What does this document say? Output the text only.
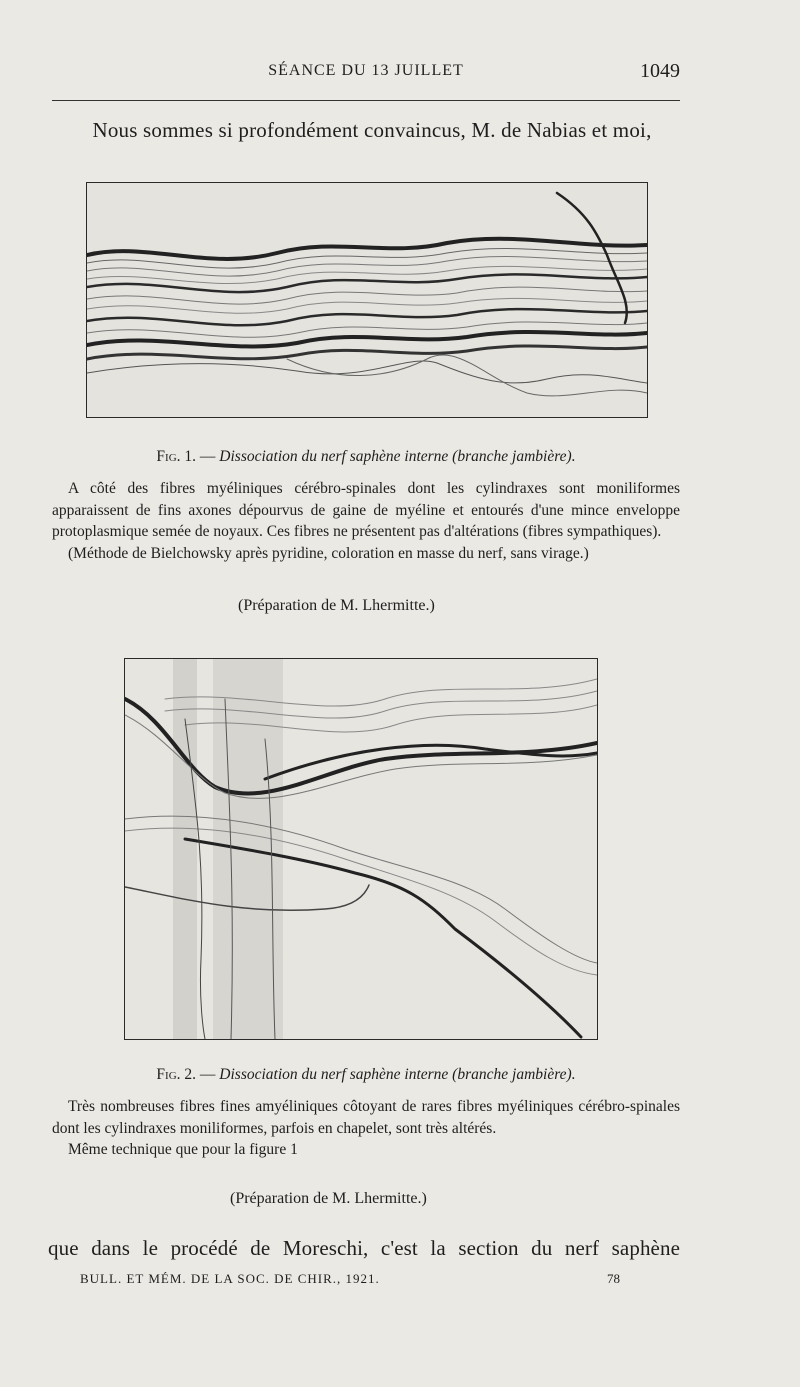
SÉANCE DU 13 JUILLET	1049
Nous sommes si profondément convaincus, M. de Nabias et moi,
Fig. 1. — Dissociation du nerf saphène interne (branche jambière).

A côté des fibres myéliniques cérébro-spinales dont les cylindraxes sont moniliformes apparaissent de fins axones dépourvus de gaine de myéline et entourés d'une mince enveloppe protoplasmique semée de noyaux. Ces fibres ne présentent pas d'altérations (fibres sympathiques).

(Méthode de Bielchowsky après pyridine, coloration en masse du nerf, sans virage.)

(Préparation de M. Lhermitte.)
Fig. 2. — Dissociation du nerf saphène interne (branche jambière).

Très nombreuses fibres fines amyéliniques côtoyant de rares fibres myéliniques cérébro-spinales dont les cylindraxes moniliformes, parfois en chapelet, sont très altérés.

Même technique que pour la figure 1

(Préparation de M. Lhermitte.)
que dans le procédé de Moreschi, c'est la section du nerf saphène
BULL. ET MÉM. DE LA SOC. DE CHIR., 1921.	78
